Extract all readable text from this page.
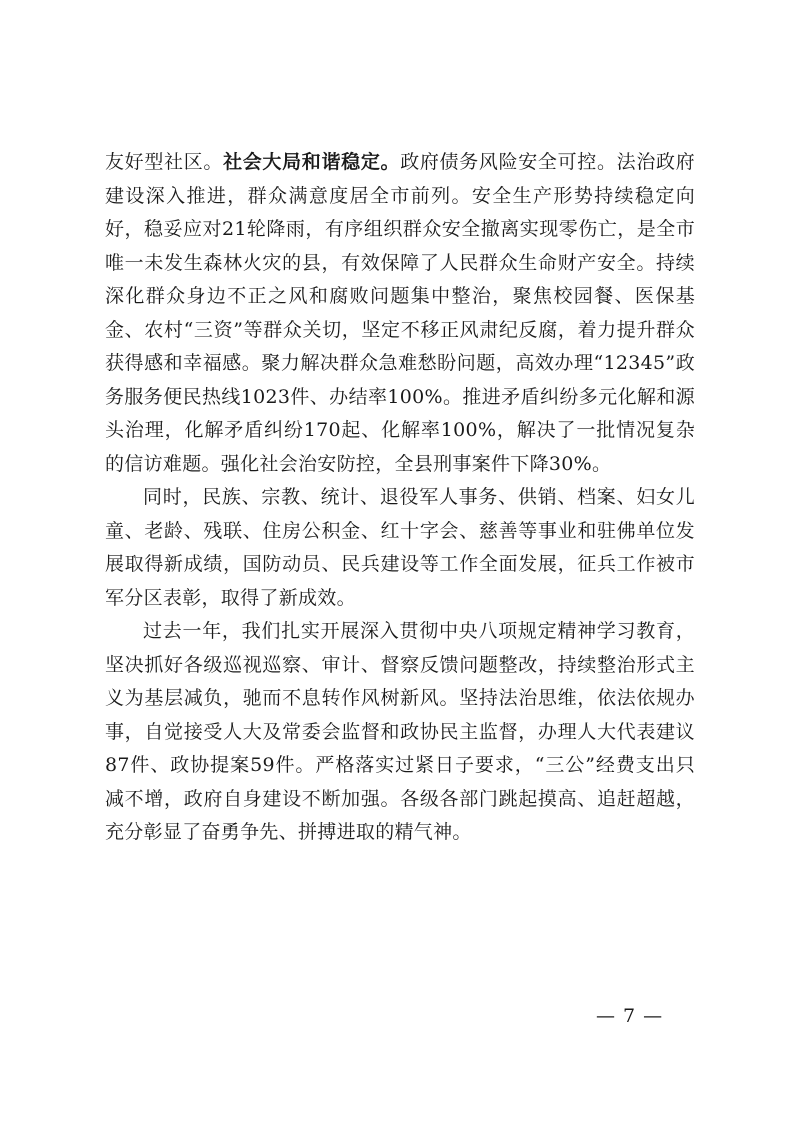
友好型社区。社会大局和谐稳定。政府债务风险安全可控。法治政府建设深入推进，群众满意度居全市前列。安全生产形势持续稳定向好，稳妥应对21轮降雨，有序组织群众安全撤离实现零伤亡，是全市唯一未发生森林火灾的县，有效保障了人民群众生命财产安全。持续深化群众身边不正之风和腐败问题集中整治，聚焦校园餐、医保基金、农村“三资”等群众关切，坚定不移正风肃纪反腐，着力提升群众获得感和幸福感。聚力解决群众急难愁盼问题，高效办理“12345”政务服务便民热线1023件、办结率100%。推进矛盾纠纷多元化解和源头治理，化解矛盾纠纷170起、化解率100%，解决了一批情况复杂的信访难题。强化社会治安防控，全县刑事案件下降30%。

同时，民族、宗教、统计、退役军人事务、供销、档案、妇女儿童、老龄、残联、住房公积金、红十字会、慈善等事业和驻佛单位发展取得新成绩，国防动员、民兵建设等工作全面发展，征兵工作被市军分区表彰，取得了新成效。

过去一年，我们扎实开展深入贯彻中央八项规定精神学习教育，坚决抓好各级巡视巡察、审计、督察反馈问题整改，持续整治形式主义为基层减负，驰而不息转作风树新风。坚持法治思维，依法依规办事，自觉接受人大及常委会监督和政协民主监督，办理人大代表建议87件、政协提案59件。严格落实过紧日子要求，“三公”经费支出只减不增，政府自身建设不断加强。各级各部门跳起摸高、追赶超越，充分彰显了奋勇争先、拼搏进取的精气神。

— 7 —
